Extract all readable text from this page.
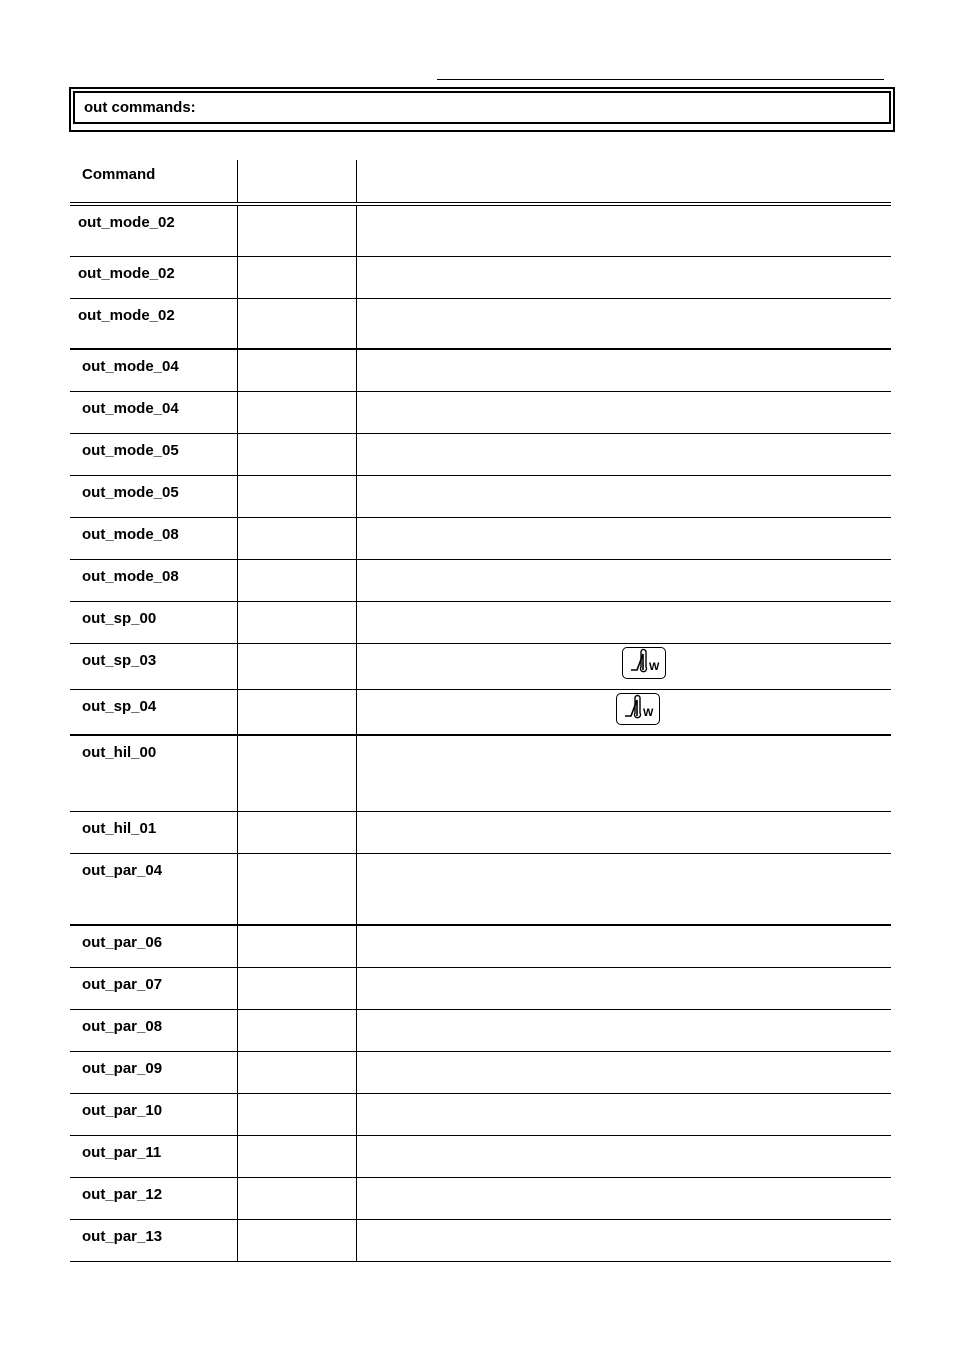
out commands:
Command
out_mode_02
out_mode_02
out_mode_02
out_mode_04
out_mode_04
out_mode_05
out_mode_05
out_mode_08
out_mode_08
out_sp_00
out_sp_03	W
out_sp_04	W
out_hil_00
out_hil_01
out_par_04
out_par_06
out_par_07
out_par_08
out_par_09
out_par_10
out_par_11
out_par_12
out_par_13
